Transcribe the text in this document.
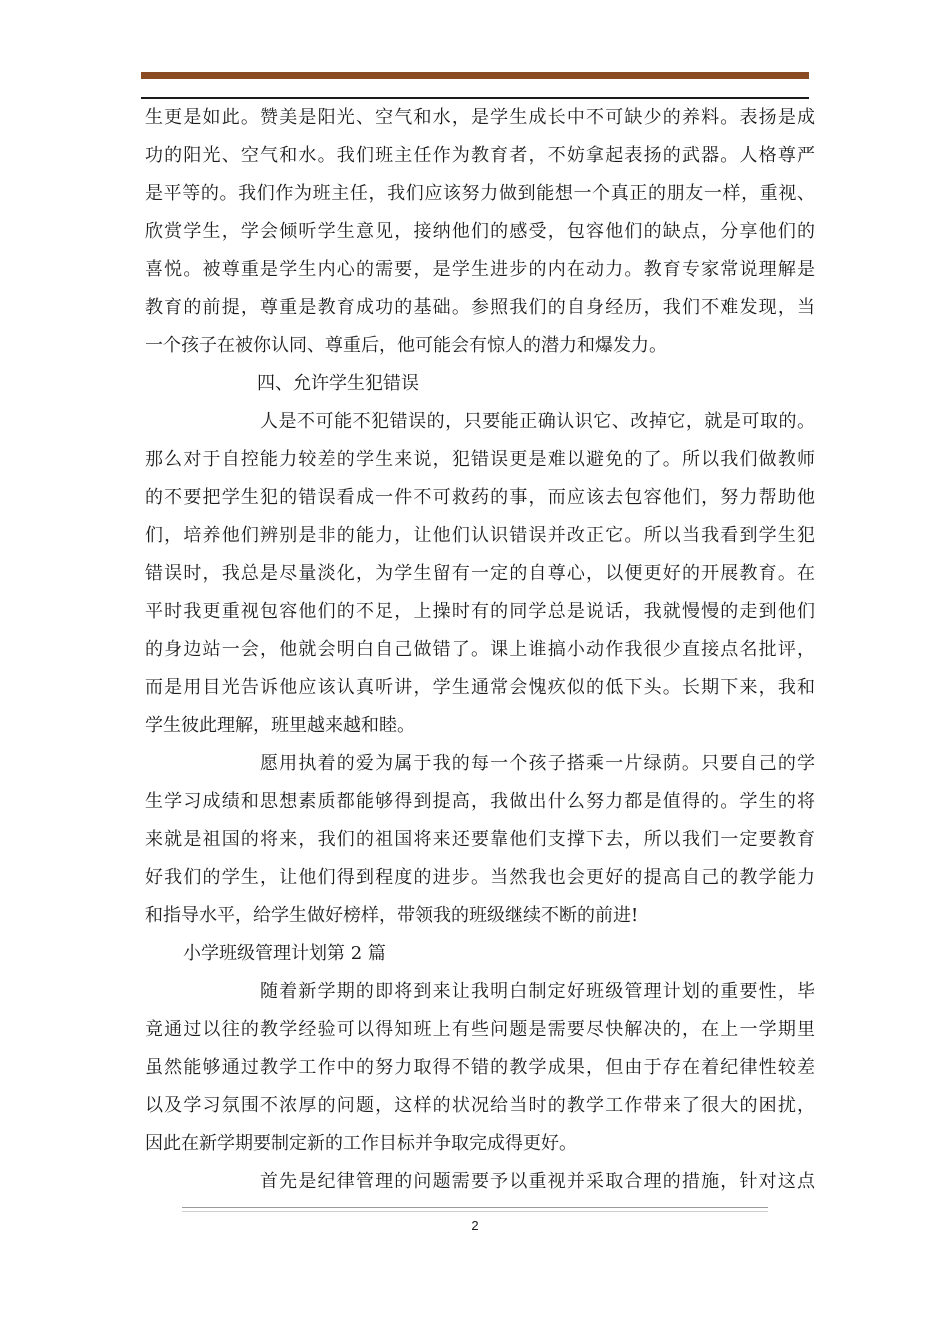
生更是如此。赞美是阳光、空气和水，是学生成长中不可缺少的养料。表扬是成
功的阳光、空气和水。我们班主任作为教育者，不妨拿起表扬的武器。人格尊严
是平等的。我们作为班主任，我们应该努力做到能想一个真正的朋友一样，重视、
欣赏学生，学会倾听学生意见，接纳他们的感受，包容他们的缺点，分享他们的
喜悦。被尊重是学生内心的需要，是学生进步的内在动力。教育专家常说理解是
教育的前提，尊重是教育成功的基础。参照我们的自身经历，我们不难发现，当
一个孩子在被你认同、尊重后，他可能会有惊人的潜力和爆发力。
四、允许学生犯错误
人是不可能不犯错误的，只要能正确认识它、改掉它，就是可取的。
那么对于自控能力较差的学生来说，犯错误更是难以避免的了。所以我们做教师
的不要把学生犯的错误看成一件不可救药的事，而应该去包容他们，努力帮助他
们，培养他们辨别是非的能力，让他们认识错误并改正它。所以当我看到学生犯
错误时，我总是尽量淡化，为学生留有一定的自尊心，以便更好的开展教育。在
平时我更重视包容他们的不足，上操时有的同学总是说话，我就慢慢的走到他们
的身边站一会，他就会明白自己做错了。课上谁搞小动作我很少直接点名批评，
而是用目光告诉他应该认真听讲，学生通常会愧疚似的低下头。长期下来，我和
学生彼此理解，班里越来越和睦。
愿用执着的爱为属于我的每一个孩子搭乘一片绿荫。只要自己的学
生学习成绩和思想素质都能够得到提高，我做出什么努力都是值得的。学生的将
来就是祖国的将来，我们的祖国将来还要靠他们支撑下去，所以我们一定要教育
好我们的学生，让他们得到程度的进步。当然我也会更好的提高自己的教学能力
和指导水平，给学生做好榜样，带领我的班级继续不断的前进!
小学班级管理计划第 2 篇
随着新学期的即将到来让我明白制定好班级管理计划的重要性，毕
竟通过以往的教学经验可以得知班上有些问题是需要尽快解决的，在上一学期里
虽然能够通过教学工作中的努力取得不错的教学成果，但由于存在着纪律性较差
以及学习氛围不浓厚的问题，这样的状况给当时的教学工作带来了很大的困扰，
因此在新学期要制定新的工作目标并争取完成得更好。
首先是纪律管理的问题需要予以重视并采取合理的措施，针对这点
2
